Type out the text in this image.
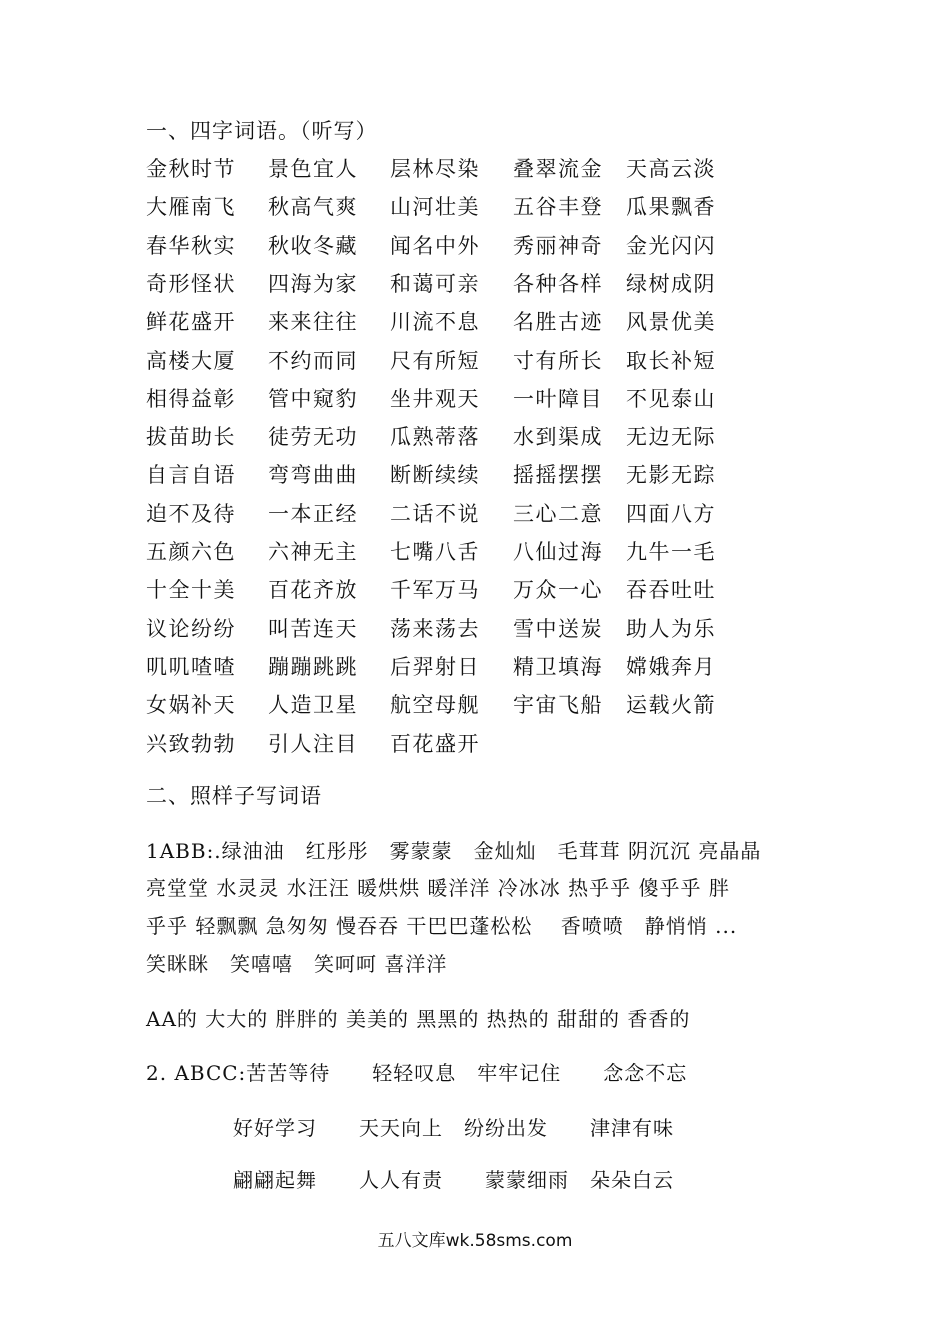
一、四字词语。（听写）
金秋时节 景色宜人 层林尽染 叠翠流金 天高云淡
大雁南飞 秋高气爽 山河壮美 五谷丰登 瓜果飘香
春华秋实 秋收冬藏 闻名中外 秀丽神奇 金光闪闪
奇形怪状 四海为家 和蔼可亲 各种各样 绿树成阴
鲜花盛开 来来往往 川流不息 名胜古迹 风景优美
高楼大厦 不约而同 尺有所短 寸有所长 取长补短
相得益彰 管中窥豹 坐井观天 一叶障目 不见泰山
拔苗助长 徒劳无功 瓜熟蒂落 水到渠成 无边无际
自言自语 弯弯曲曲 断断续续 摇摇摆摆 无影无踪
迫不及待 一本正经 二话不说 三心二意 四面八方
五颜六色 六神无主 七嘴八舌 八仙过海 九牛一毛
十全十美 百花齐放 千军万马 万众一心 吞吞吐吐
议论纷纷 叫苦连天 荡来荡去 雪中送炭 助人为乐
叽叽喳喳 蹦蹦跳跳 后羿射日 精卫填海 嫦娥奔月
女娲补天 人造卫星 航空母舰 宇宙飞船 运载火箭
兴致勃勃 引人注目 百花盛开
二、照样子写词语
1ABB:.绿油油　红彤彤　雾蒙蒙　金灿灿　毛茸茸 阴沉沉 亮晶晶
亮堂堂 水灵灵 水汪汪 暖烘烘 暖洋洋 冷冰冰 热乎乎 傻乎乎 胖
乎乎 轻飘飘 急匆匆 慢吞吞 干巴巴蓬松松　 香喷喷　静悄悄 ...
笑眯眯　笑嘻嘻　笑呵呵 喜洋洋
AA的 大大的 胖胖的 美美的 黑黑的 热热的 甜甜的 香香的
2. ABCC:苦苦等待　　轻轻叹息　牢牢记住　　念念不忘
好好学习　　天天向上　纷纷出发　　津津有味
翩翩起舞　　人人有责　　蒙蒙细雨　朵朵白云
五八文库wk.58sms.com
